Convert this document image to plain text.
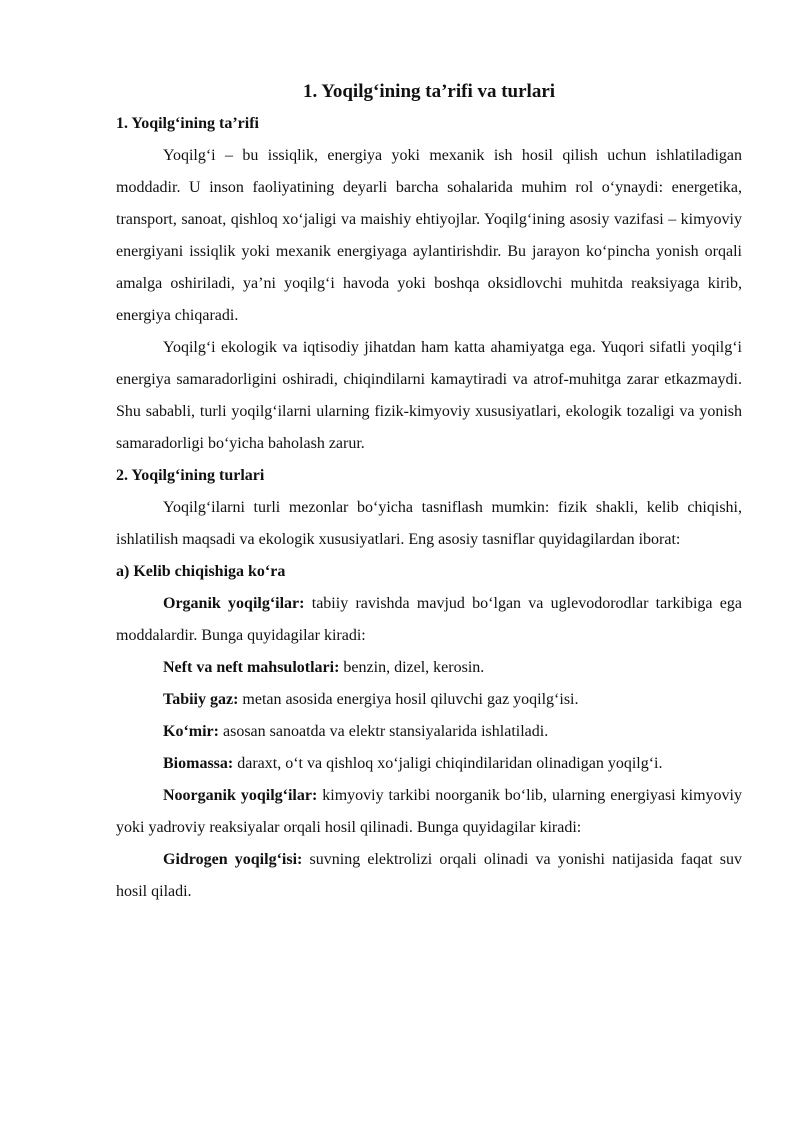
1. Yoqilg‘ining ta’rifi va turlari
1. Yoqilg‘ining ta’rifi

Yoqilg‘i – bu issiqlik, energiya yoki mexanik ish hosil qilish uchun ishlatiladigan moddadir. U inson faoliyatining deyarli barcha sohalarida muhim rol o‘ynaydi: energetika, transport, sanoat, qishloq xo‘jaligi va maishiy ehtiyojlar. Yoqilg‘ining asosiy vazifasi – kimyoviy energiyani issiqlik yoki mexanik energiyaga aylantirishdir. Bu jarayon ko‘pincha yonish orqali amalga oshiriladi, ya’ni yoqilg‘i havoda yoki boshqa oksidlovchi muhitda reaksiyaga kirib, energiya chiqaradi.

Yoqilg‘i ekologik va iqtisodiy jihatdan ham katta ahamiyatga ega. Yuqori sifatli yoqilg‘i energiya samaradorligini oshiradi, chiqindilarni kamaytiradi va atrof-muhitga zarar etkazmaydi. Shu sababli, turli yoqilg‘ilarni ularning fizik-kimyoviy xususiyatlari, ekologik tozaligi va yonish samaradorligi bo‘yicha baholash zarur.

2. Yoqilg‘ining turlari

Yoqilg‘ilarni turli mezonlar bo‘yicha tasniflash mumkin: fizik shakli, kelib chiqishi, ishlatilish maqsadi va ekologik xususiyatlari. Eng asosiy tasniflar quyidagilardan iborat:

a) Kelib chiqishiga ko‘ra

Organik yoqilg‘ilar: tabiiy ravishda mavjud bo‘lgan va uglevodorodlar tarkibiga ega moddalardir. Bunga quyidagilar kiradi:

Neft va neft mahsulotlari: benzin, dizel, kerosin.

Tabiiy gaz: metan asosida energiya hosil qiluvchi gaz yoqilg‘isi.

Ko‘mir: asosan sanoatda va elektr stansiyalarida ishlatiladi.

Biomassa: daraxt, o‘t va qishloq xo‘jaligi chiqindilaridan olinadigan yoqilg‘i.

Noorganik yoqilg‘ilar: kimyoviy tarkibi noorganik bo‘lib, ularning energiyasi kimyoviy yoki yadroviy reaksiyalar orqali hosil qilinadi. Bunga quyidagilar kiradi:

Gidrogen yoqilg‘isi: suvning elektrolizi orqali olinadi va yonishi natijasida faqat suv hosil qiladi.
